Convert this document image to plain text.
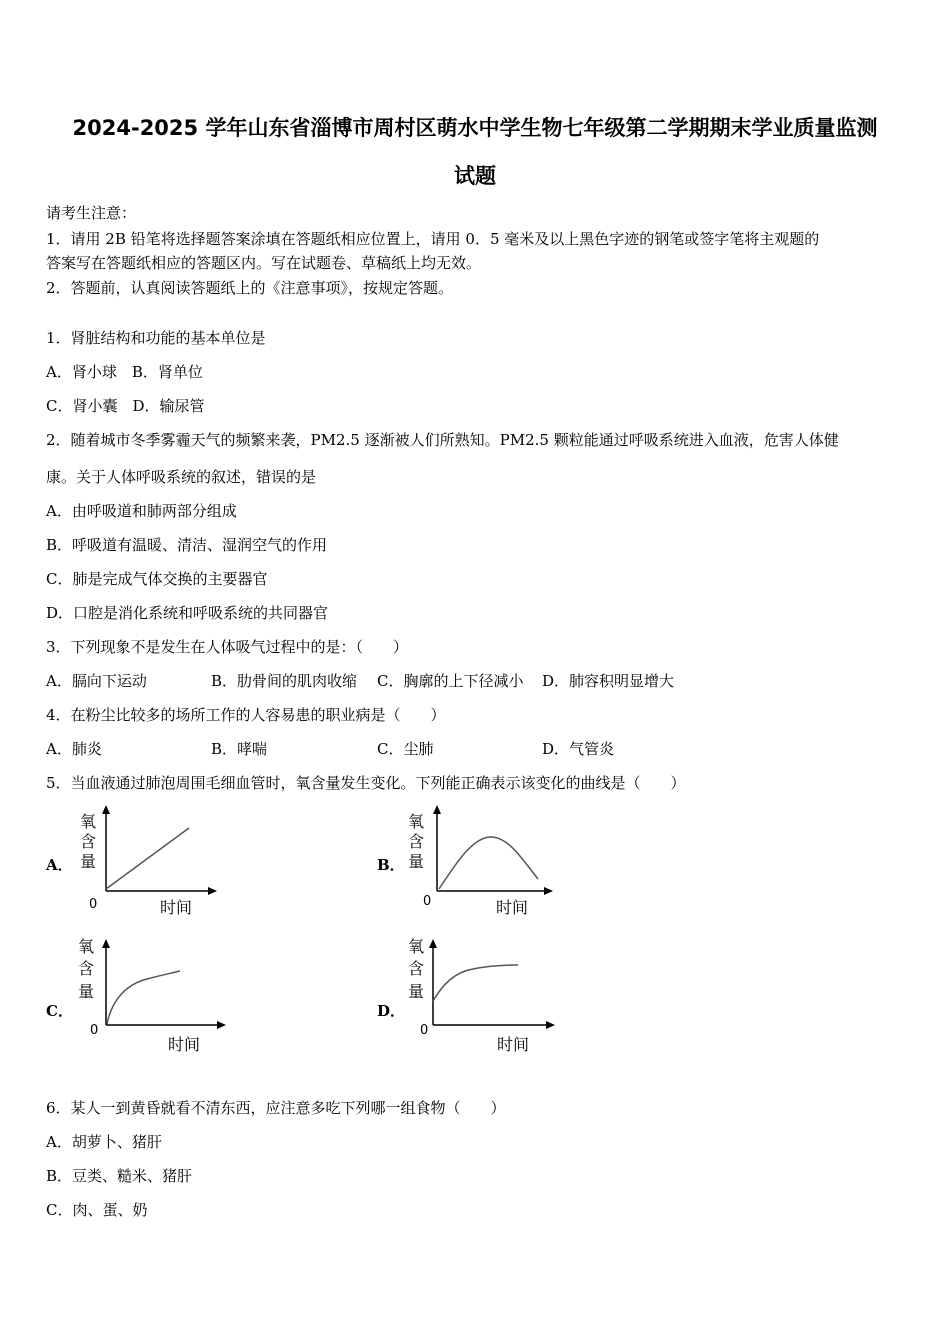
2024-2025 学年山东省淄博市周村区萌水中学生物七年级第二学期期末学业质量监测
试题
请考生注意：
1．请用 2B 铅笔将选择题答案涂填在答题纸相应位置上，请用 0．5 毫米及以上黑色字迹的钢笔或签字笔将主观题的
答案写在答题纸相应的答题区内。写在试题卷、草稿纸上均无效。
2．答题前，认真阅读答题纸上的《注意事项》，按规定答题。
1．肾脏结构和功能的基本单位是
A．肾小球　B．肾单位
C．肾小囊　D．输尿管
2．随着城市冬季雾霾天气的频繁来袭，PM2.5 逐渐被人们所熟知。PM2.5 颗粒能通过呼吸系统进入血液，危害人体健
康。关于人体呼吸系统的叙述，错误的是
A．由呼吸道和肺两部分组成
B．呼吸道有温暖、清洁、湿润空气的作用
C．肺是完成气体交换的主要器官
D．口腔是消化系统和呼吸系统的共同器官
3．下列现象不是发生在人体吸气过程中的是：（　　）
A．膈向下运动	B．肋骨间的肌肉收缩 C．胸廓的上下径减小 D．肺容积明显增大
4．在粉尘比较多的场所工作的人容易患的职业病是（　　）
A．肺炎	B．哮喘	C．尘肺	D．气管炎
5．当血液通过肺泡周围毛细血管时，氧含量发生变化。下列能正确表示该变化的曲线是（　　）
A．
氧
含
量
0	时间
B．
氧
含
量
0	时间
C．
氧
含
量
0
时间
D．
氧
含
量
0
时间
6．某人一到黄昏就看不清东西，应注意多吃下列哪一组食物（　　）
A．胡萝卜、猪肝
B．豆类、糙米、猪肝
C．肉、蛋、奶
